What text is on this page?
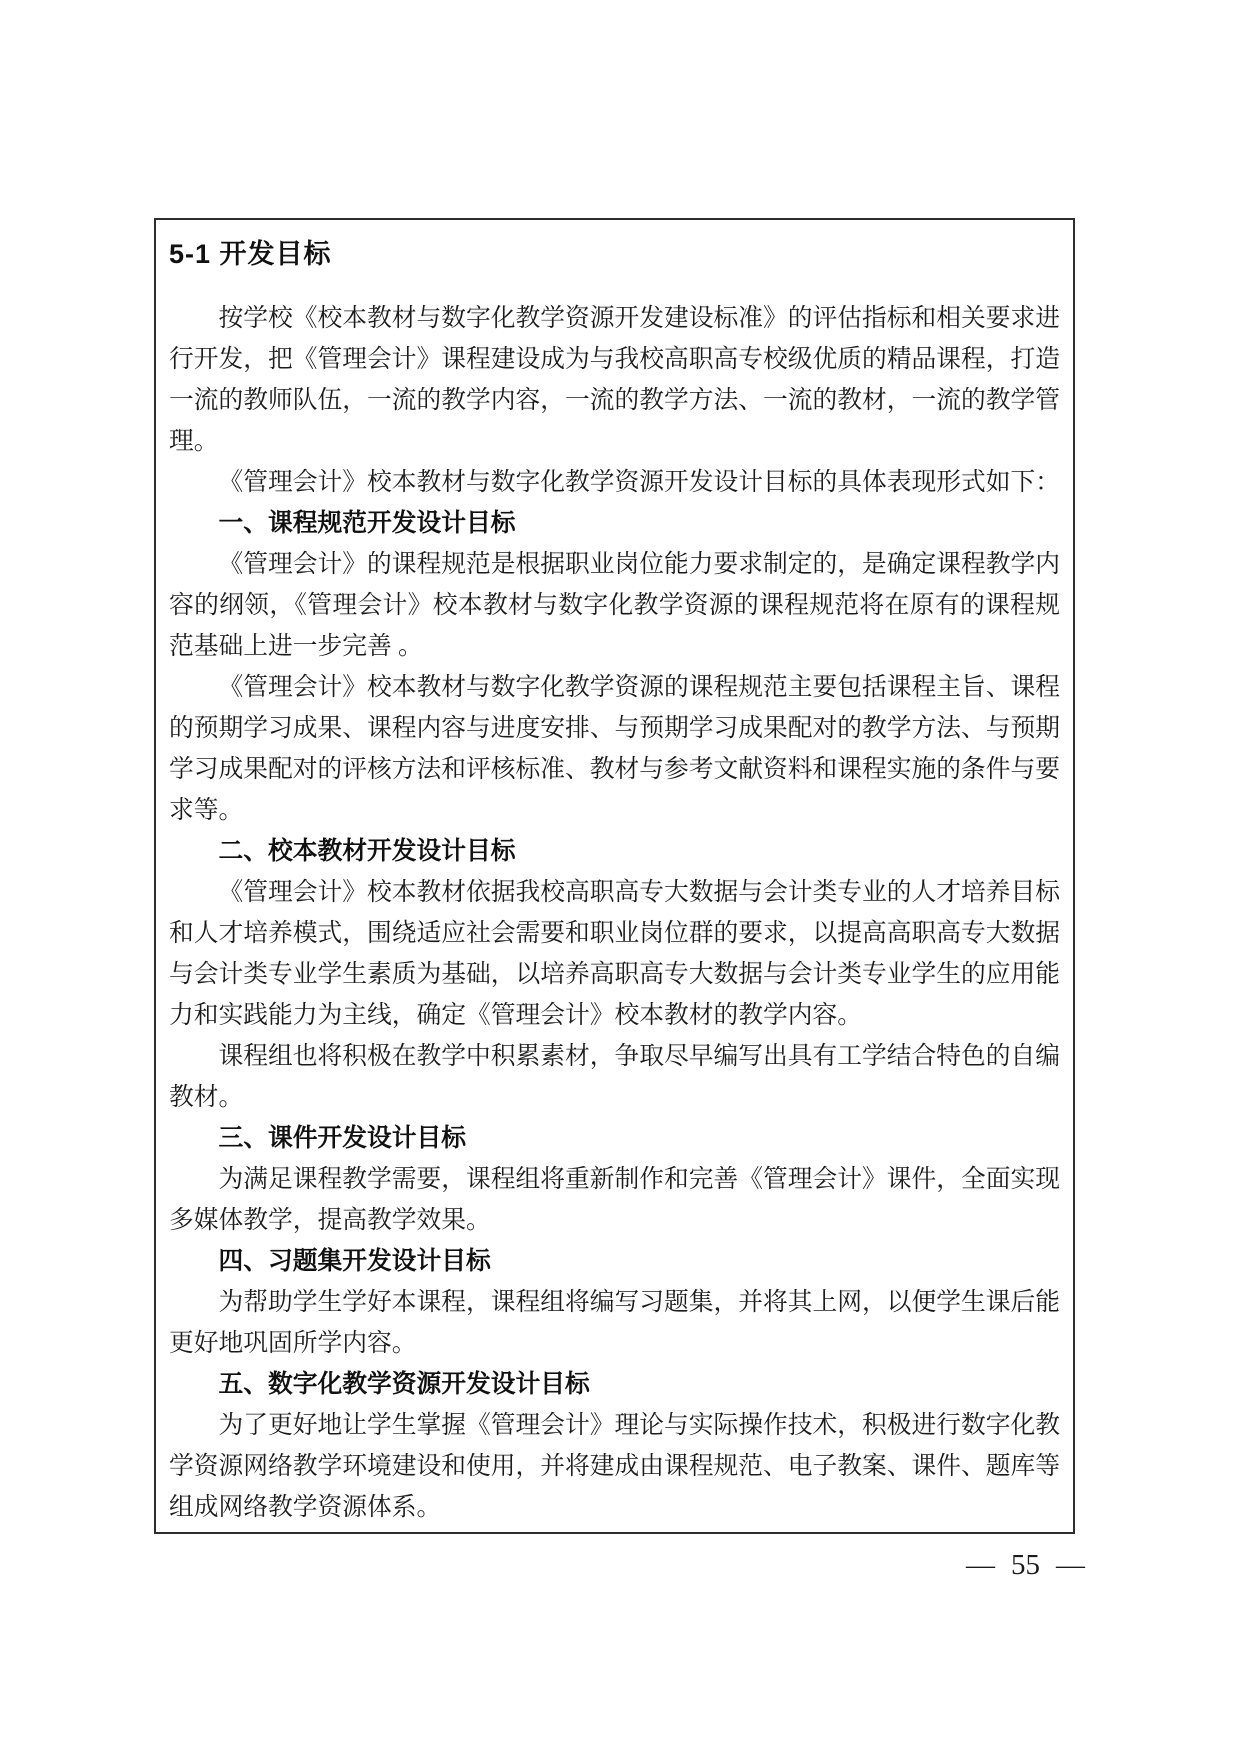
5-1 开发目标

按学校《校本教材与数字化教学资源开发建设标准》的评估指标和相关要求进行开发，把《管理会计》课程建设成为与我校高职高专校级优质的精品课程，打造一流的教师队伍，一流的教学内容，一流的教学方法、一流的教材，一流的教学管理。

《管理会计》校本教材与数字化教学资源开发设计目标的具体表现形式如下：

一、课程规范开发设计目标

《管理会计》的课程规范是根据职业岗位能力要求制定的，是确定课程教学内容的纲领，《管理会计》校本教材与数字化教学资源的课程规范将在原有的课程规范基础上进一步完善 。

《管理会计》校本教材与数字化教学资源的课程规范主要包括课程主旨、课程的预期学习成果、课程内容与进度安排、与预期学习成果配对的教学方法、与预期学习成果配对的评核方法和评核标准、教材与参考文献资料和课程实施的条件与要求等。

二、校本教材开发设计目标

《管理会计》校本教材依据我校高职高专大数据与会计类专业的人才培养目标和人才培养模式，围绕适应社会需要和职业岗位群的要求，以提高高职高专大数据与会计类专业学生素质为基础，以培养高职高专大数据与会计类专业学生的应用能力和实践能力为主线，确定《管理会计》校本教材的教学内容。

课程组也将积极在教学中积累素材，争取尽早编写出具有工学结合特色的自编教材。

三、课件开发设计目标

为满足课程教学需要，课程组将重新制作和完善《管理会计》课件，全面实现多媒体教学，提高教学效果。

四、习题集开发设计目标

为帮助学生学好本课程，课程组将编写习题集，并将其上网，以便学生课后能更好地巩固所学内容。

五、数字化教学资源开发设计目标

为了更好地让学生掌握《管理会计》理论与实际操作技术，积极进行数字化教学资源网络教学环境建设和使用，并将建成由课程规范、电子教案、课件、题库等组成网络教学资源体系。

— 55 —
